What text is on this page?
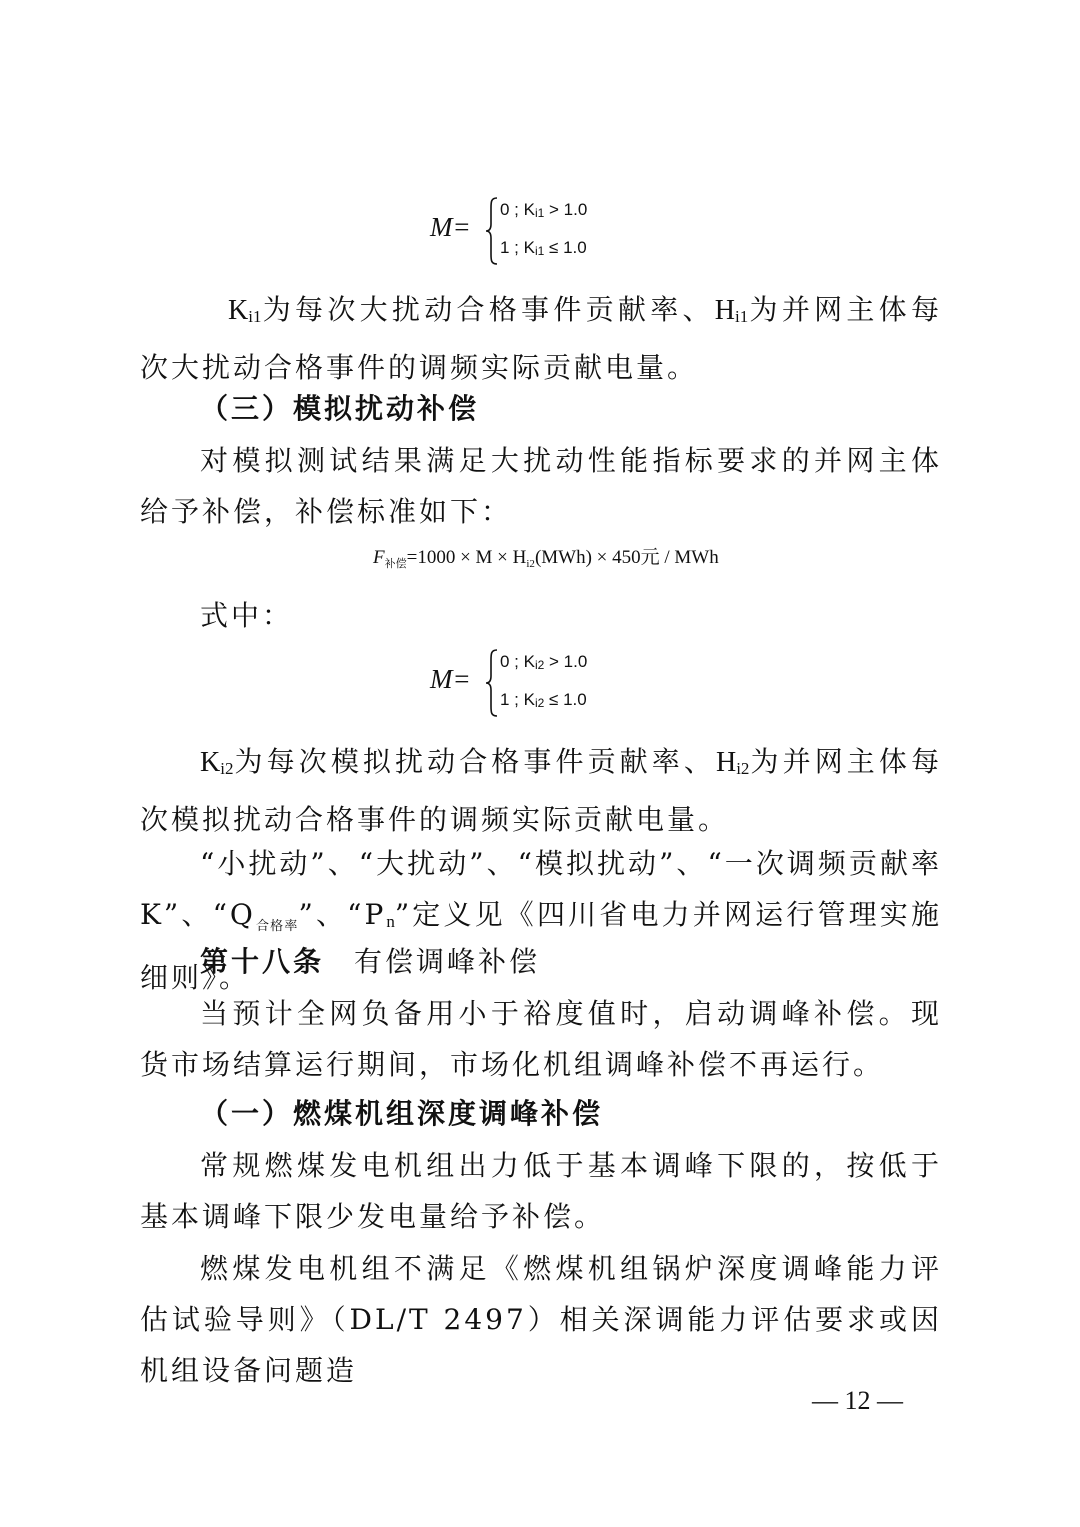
M=
0 ; $K_{i1} > 1.0$
1 ; $K_{i1} \le 1.0$

$K_{i1}$为每次大扰动合格事件贡献率、$H_{i1}$为并网主体每次大扰动合格事件的调频实际贡献电量。

（三）模拟扰动补偿

对模拟测试结果满足大扰动性能指标要求的并网主体给予补偿，补偿标准如下：

$F_{补偿}=1000 \times M \times H_{i2}(MWh) \times 450$元 / MWh
式中：
M=
0 ; $K_{i2} > 1.0$
1 ; $K_{i2} \le 1.0$

$K_{i2}$为每次模拟扰动合格事件贡献率、$H_{i2}$为并网主体每次模拟扰动合格事件的调频实际贡献电量。

“小扰动”、“大扰动”、“模拟扰动”、“一次调频贡献率 K”、“$Q_{合格率}$”、“$P_n$”定义见《四川省电力并网运行管理实施细则》。

第十八条 有偿调峰补偿

当预计全网负备用小于裕度值时，启动调峰补偿。现货市场结算运行期间，市场化机组调峰补偿不再运行。

（一）燃煤机组深度调峰补偿

常规燃煤发电机组出力低于基本调峰下限的，按低于基本调峰下限少发电量给予补偿。

燃煤发电机组不满足《燃煤机组锅炉深度调峰能力评估试验导则》（DL/T 2497）相关深调能力评估要求或因机组设备问题造

— 12 —
